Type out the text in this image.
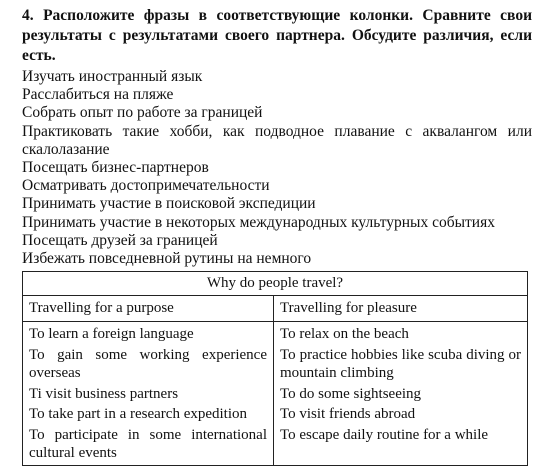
4. Расположите фразы в соответствующие колонки. Сравните свои результаты с результатами своего партнера. Обсудите различия, если есть.

Изучать иностранный язык
Расслабиться на пляже
Собрать опыт по работе за границей
Практиковать такие хобби, как подводное плавание с аквалангом или скалолазание
Посещать бизнес-партнеров
Осматривать достопримечательности
Принимать участие в поисковой экспедиции
Принимать участие в некоторых международных культурных событиях
Посещать друзей за границей
Избежать повседневной рутины на немного
Why do people travel?	
Travelling for a purpose	Travelling for pleasure
To learn a foreign language	To relax on the beach
To gain some working experience overseas	To practice hobbies like scuba diving or mountain climbing
Ti visit business partners	To do some sightseeing
To take part in a research expedition	To visit friends abroad
To participate in some international cultural events	To escape daily routine for a while
